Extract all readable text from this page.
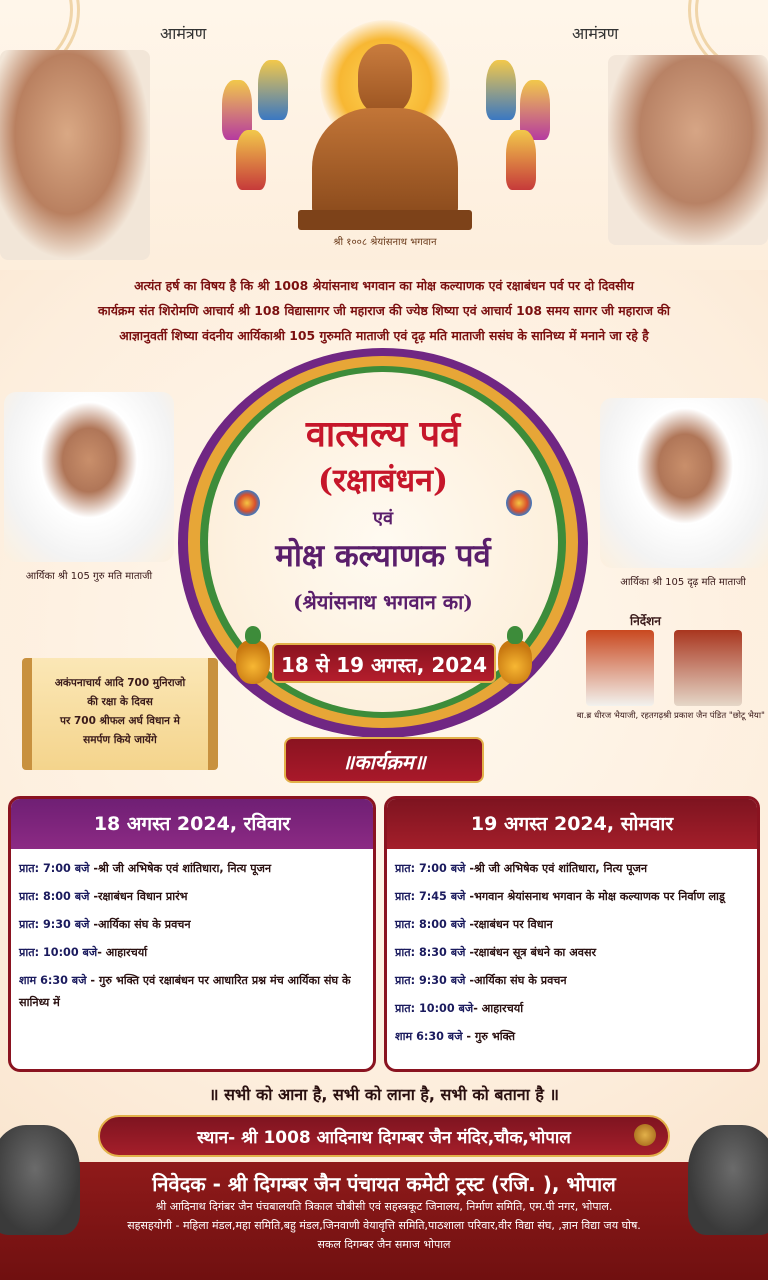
आमंत्रण	आमंत्रण
श्री १००८ श्रेयांसनाथ भगवान
अत्यंत हर्ष का विषय है कि श्री 1008 श्रेयांसनाथ भगवान का मोक्ष कल्याणक एवं रक्षाबंधन पर्व पर दो दिवसीय
कार्यक्रम संत शिरोमणि आचार्य श्री 108 विद्यासागर जी महाराज की ज्येष्ठ शिष्या एवं आचार्य 108 समय सागर जी महाराज की
आज्ञानुवर्ती शिष्या वंदनीय आर्यिकाश्री 105 गुरुमति माताजी एवं दृढ़ मति माताजी ससंघ के सानिध्य में मनाने जा रहे है
आर्यिका श्री 105 गुरु मति माताजी
आर्यिका श्री 105 दृढ़ मति माताजी
वात्सल्य पर्व
(रक्षाबंधन)
एवं
मोक्ष कल्याणक पर्व
(श्रेयांसनाथ भगवान का)
18 से 19 अगस्त, 2024
निर्देशन
बा.ब्र धीरज भैयाजी, रहतगढ़ श्री प्रकाश जैन पंडित "छोटू भैया"
अकंपनाचार्य आदि 700 मुनिराजो
की रक्षा के दिवस
पर 700 श्रीफल अर्घ विधान मे
समर्पण किये जायेंगे
॥कार्यक्रम॥
18 अगस्त 2024, रविवार
प्रात: 7:00 बजे -श्री जी अभिषेक एवं शांतिधारा, नित्य पूजन
प्रात: 8:00 बजे -रक्षाबंधन विधान प्रारंभ
प्रात: 9:30 बजे -आर्यिका संघ के प्रवचन
प्रात: 10:00 बजे- आहारचर्या
शाम 6:30 बजे - गुरु भक्ति एवं रक्षाबंधन पर आधारित प्रश्न मंच आर्यिका संघ के सानिध्य में
19 अगस्त 2024, सोमवार
प्रात: 7:00 बजे -श्री जी अभिषेक एवं शांतिधारा, नित्य पूजन
प्रात: 7:45 बजे -भगवान श्रेयांसनाथ भगवान के मोक्ष कल्याणक पर निर्वाण लाडू
प्रात: 8:00 बजे -रक्षाबंधन पर विधान
प्रात: 8:30 बजे -रक्षाबंधन सूत्र बंधने का अवसर
प्रात: 9:30 बजे -आर्यिका संघ के प्रवचन
प्रात: 10:00 बजे- आहारचर्या
शाम 6:30 बजे - गुरु भक्ति
॥ सभी को आना है, सभी को लाना है, सभी को बताना है ॥
स्थान- श्री 1008 आदिनाथ दिगम्बर जैन मंदिर,चौक,भोपाल
निवेदक - श्री दिगम्बर जैन पंचायत कमेटी ट्रस्ट (रजि. ), भोपाल
श्री आदिनाथ दिगंबर जैन पंचबालयति त्रिकाल चौबीसी एवं सहस्त्रकूट जिनालय, निर्माण समिति, एम.पी नगर, भोपाल.
सहसहयोगी - महिला मंडल,महा समिति,बहु मंडल,जिनवाणी वेयावृत्ति समिति,पाठशाला परिवार,वीर विद्या संघ, ,ज्ञान विद्या जय घोष.
सकल दिगम्बर जैन समाज भोपाल
